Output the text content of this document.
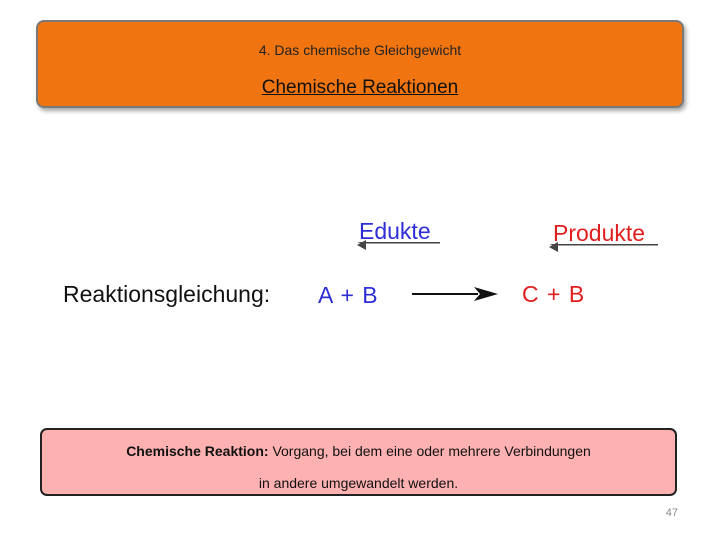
4. Das chemische Gleichgewicht
Chemische Reaktionen
Reaktionsgleichung:
Edukte	Produkte
A + B	C + B
Chemische Reaktion: Vorgang, bei dem eine oder mehrere Verbindungen
in andere umgewandelt werden.
47
